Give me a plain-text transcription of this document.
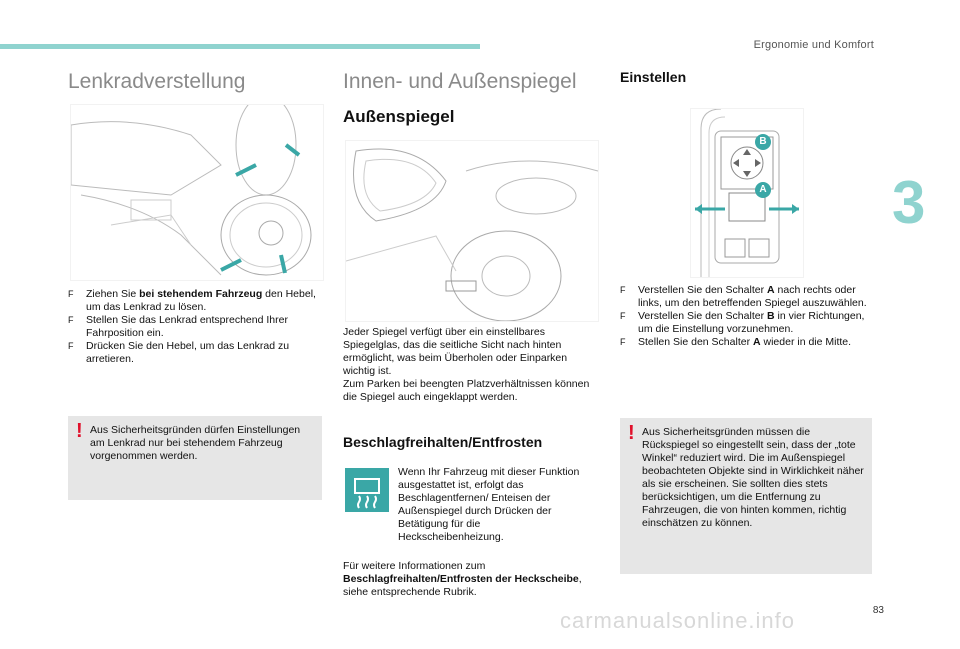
Ergonomie und Komfort
3
Lenkradverstellung
F Ziehen Sie bei stehendem Fahrzeug den Hebel, um das Lenkrad zu lösen.
F Stellen Sie das Lenkrad entsprechend Ihrer Fahrposition ein.
F Drücken Sie den Hebel, um das Lenkrad zu arretieren.
! Aus Sicherheitsgründen dürfen Einstellungen am Lenkrad nur bei stehendem Fahrzeug vorgenommen werden.
Innen- und Außenspiegel
Außenspiegel
Jeder Spiegel verfügt über ein einstellbares Spiegelglas, das die seitliche Sicht nach hinten ermöglicht, was beim Überholen oder Einparken wichtig ist.
Zum Parken bei beengten Platzverhältnissen können die Spiegel auch eingeklappt werden.
Beschlagfreihalten/Entfrosten
Wenn Ihr Fahrzeug mit dieser Funktion ausgestattet ist, erfolgt das Beschlagentfernen/ Enteisen der Außenspiegel durch Drücken der Betätigung für die Heckscheibenheizung.
Für weitere Informationen zum Beschlagfreihalten/Entfrosten der Heckscheibe, siehe entsprechende Rubrik.
Einstellen
B
A
F Verstellen Sie den Schalter A nach rechts oder links, um den betreffenden Spiegel auszuwählen.
F Verstellen Sie den Schalter B in vier Richtungen, um die Einstellung vorzunehmen.
F Stellen Sie den Schalter A wieder in die Mitte.
! Aus Sicherheitsgründen müssen die Rückspiegel so eingestellt sein, dass der „tote Winkel“ reduziert wird. Die im Außenspiegel beobachteten Objekte sind in Wirklichkeit näher als sie erscheinen. Sie sollten dies stets berücksichtigen, um die Entfernung zu Fahrzeugen, die von hinten kommen, richtig einschätzen zu können.
carmanualsonline.info	83
